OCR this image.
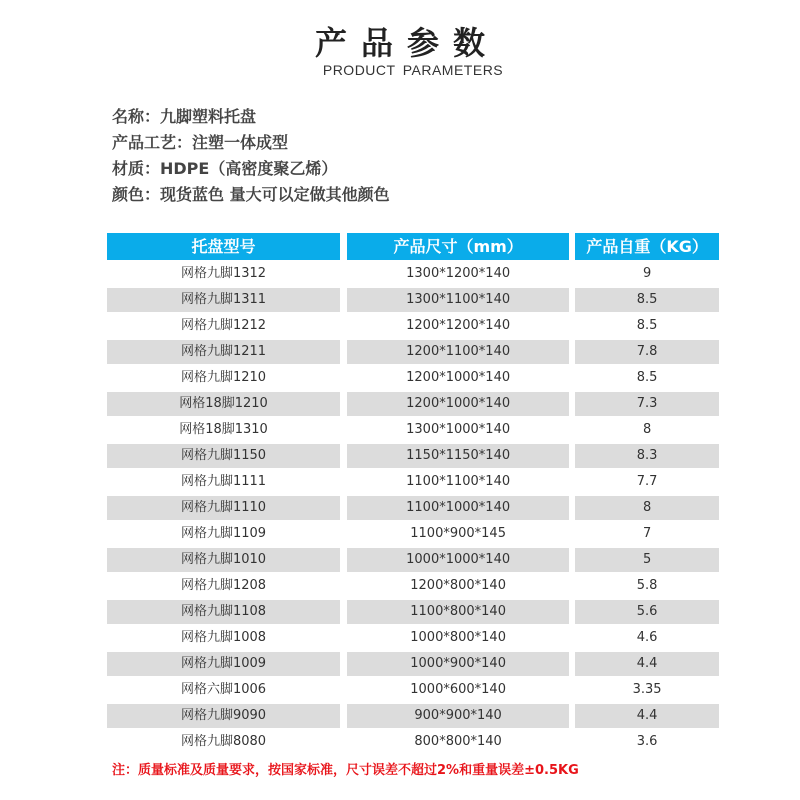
产品参数
PRODUCT PARAMETERS
名称：九脚塑料托盘
产品工艺：注塑一体成型
材质：HDPE（高密度聚乙烯）
颜色：现货蓝色 量大可以定做其他颜色
托盘型号	产品尺寸（mm）	产品自重（KG）
网格九脚1312	1300*1200*140	9
网格九脚1311	1300*1100*140	8.5
网格九脚1212	1200*1200*140	8.5
网格九脚1211	1200*1100*140	7.8
网格九脚1210	1200*1000*140	8.5
网格18脚1210	1200*1000*140	7.3
网格18脚1310	1300*1000*140	8
网格九脚1150	1150*1150*140	8.3
网格九脚1111	1100*1100*140	7.7
网格九脚1110	1100*1000*140	8
网格九脚1109	1100*900*145	7
网格九脚1010	1000*1000*140	5
网格九脚1208	1200*800*140	5.8
网格九脚1108	1100*800*140	5.6
网格九脚1008	1000*800*140	4.6
网格九脚1009	1000*900*140	4.4
网格六脚1006	1000*600*140	3.35
网格九脚9090	900*900*140	4.4
网格九脚8080	800*800*140	3.6
注：质量标准及质量要求，按国家标准，尺寸误差不超过2%和重量误差±0.5KG
